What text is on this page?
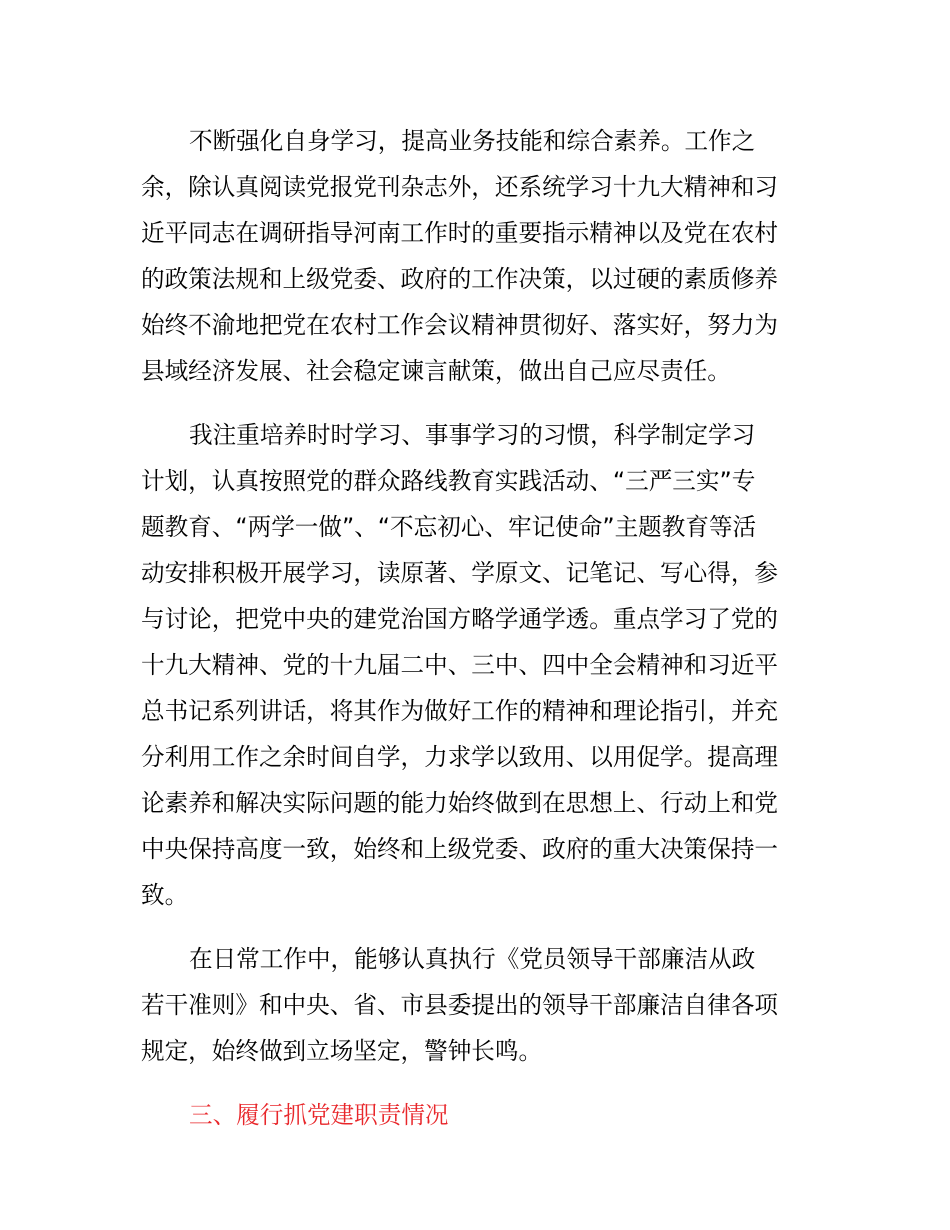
不断强化自身学习，提高业务技能和综合素养。工作之
余，除认真阅读党报党刊杂志外，还系统学习十九大精神和习
近平同志在调研指导河南工作时的重要指示精神以及党在农村
的政策法规和上级党委、政府的工作决策，以过硬的素质修养
始终不渝地把党在农村工作会议精神贯彻好、落实好，努力为
县域经济发展、社会稳定谏言献策，做出自己应尽责任。
我注重培养时时学习、事事学习的习惯，科学制定学习
计划，认真按照党的群众路线教育实践活动、“三严三实”专
题教育、“两学一做”、“不忘初心、牢记使命”主题教育等活
动安排积极开展学习，读原著、学原文、记笔记、写心得，参
与讨论，把党中央的建党治国方略学通学透。重点学习了党的
十九大精神、党的十九届二中、三中、四中全会精神和习近平
总书记系列讲话，将其作为做好工作的精神和理论指引，并充
分利用工作之余时间自学，力求学以致用、以用促学。提高理
论素养和解决实际问题的能力始终做到在思想上、行动上和党
中央保持高度一致，始终和上级党委、政府的重大决策保持一
致。
在日常工作中，能够认真执行《党员领导干部廉洁从政
若干准则》和中央、省、市县委提出的领导干部廉洁自律各项
规定，始终做到立场坚定，警钟长鸣。
三、履行抓党建职责情况
